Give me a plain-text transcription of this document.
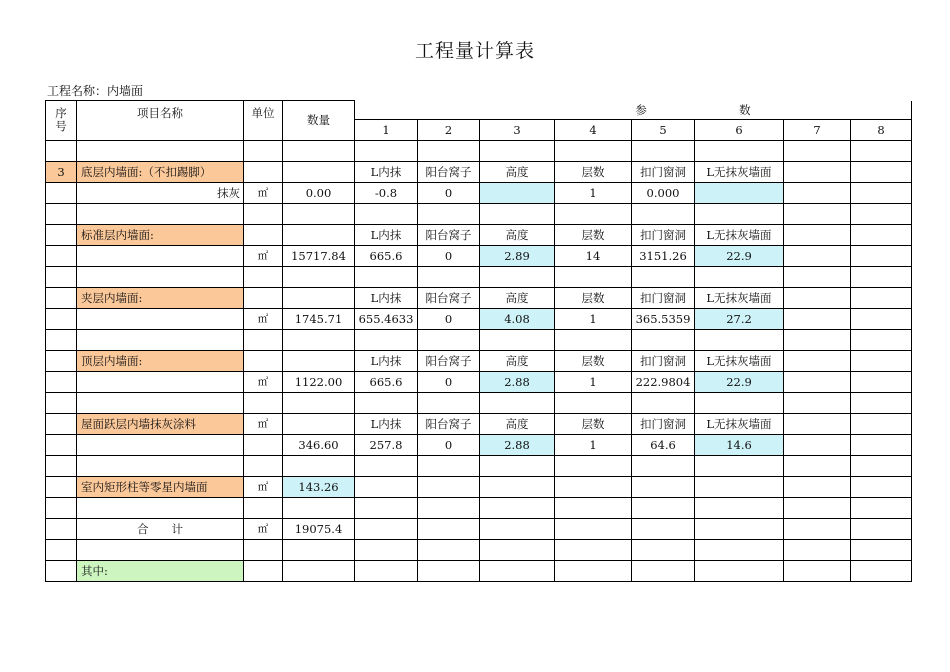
工程量计算表
工程名称：内墙面
序
号	项目名称	单位	数量	参 数							
				1	2	3	4	5	6	7	8

3	底层内墙面:（不扣踢脚）			L内抹	阳台窝子	高度	层数	扣门窗洞	L无抹灰墙面		
	抹灰	㎡	0.00	-0.8	0		1	0.000			

	标准层内墙面:			L内抹	阳台窝子	高度	层数	扣门窗洞	L无抹灰墙面		
		㎡	15717.84	665.6	0	2.89	14	3151.26	22.9		

	夹层内墙面:			L内抹	阳台窝子	高度	层数	扣门窗洞	L无抹灰墙面		
		㎡	1745.71	655.4633	0	4.08	1	365.5359	27.2		

	顶层内墙面:			L内抹	阳台窝子	高度	层数	扣门窗洞	L无抹灰墙面		
		㎡	1122.00	665.6	0	2.88	1	222.9804	22.9		

	屋面跃层内墙抹灰涂料	㎡		L内抹	阳台窝子	高度	层数	扣门窗洞	L无抹灰墙面		
			346.60	257.8	0	2.88	1	64.6	14.6		

	室内矩形柱等零星内墙面	㎡	143.26								

	合　　计	㎡	19075.4								

	其中:										
